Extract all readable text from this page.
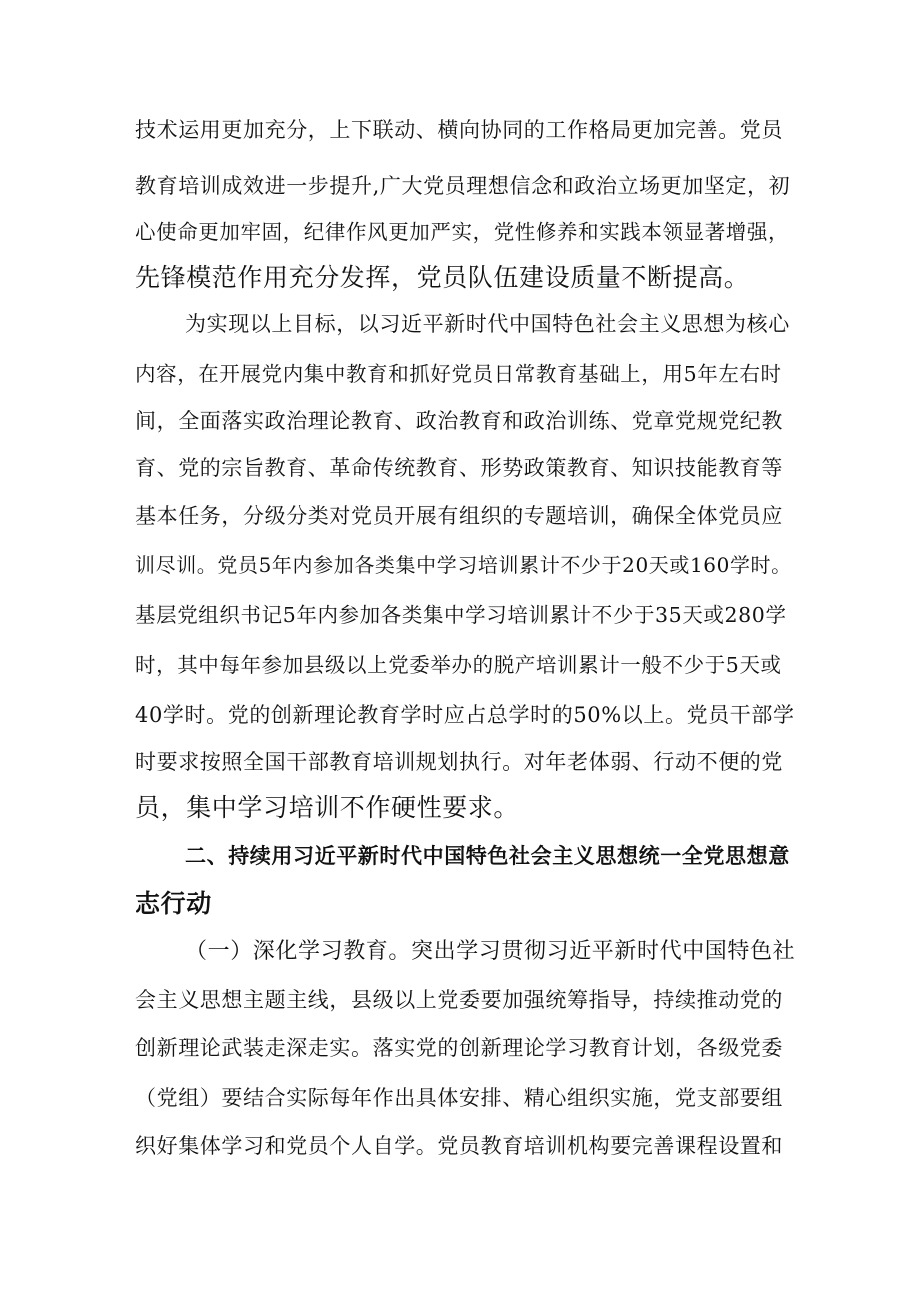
技术运用更加充分，上下联动、横向协同的工作格局更加完善。党员
教育培训成效进一步提升,广大党员理想信念和政治立场更加坚定，初
心使命更加牢固，纪律作风更加严实，党性修养和实践本领显著增强，
先锋模范作用充分发挥，党员队伍建设质量不断提高。
为实现以上目标，以习近平新时代中国特色社会主义思想为核心
内容，在开展党内集中教育和抓好党员日常教育基础上，用5年左右时
间，全面落实政治理论教育、政治教育和政治训练、党章党规党纪教
育、党的宗旨教育、革命传统教育、形势政策教育、知识技能教育等
基本任务，分级分类对党员开展有组织的专题培训，确保全体党员应
训尽训。党员5年内参加各类集中学习培训累计不少于20天或160学时。
基层党组织书记5年内参加各类集中学习培训累计不少于35天或280学
时，其中每年参加县级以上党委举办的脱产培训累计一般不少于5天或
40学时。党的创新理论教育学时应占总学时的50%以上。党员干部学
时要求按照全国干部教育培训规划执行。对年老体弱、行动不便的党
员，集中学习培训不作硬性要求。
二、持续用习近平新时代中国特色社会主义思想统一全党思想意
志行动
（一）深化学习教育。突出学习贯彻习近平新时代中国特色社
会主义思想主题主线，县级以上党委要加强统筹指导，持续推动党的
创新理论武装走深走实。落实党的创新理论学习教育计划，各级党委
（党组）要结合实际每年作出具体安排、精心组织实施，党支部要组
织好集体学习和党员个人自学。党员教育培训机构要完善课程设置和
